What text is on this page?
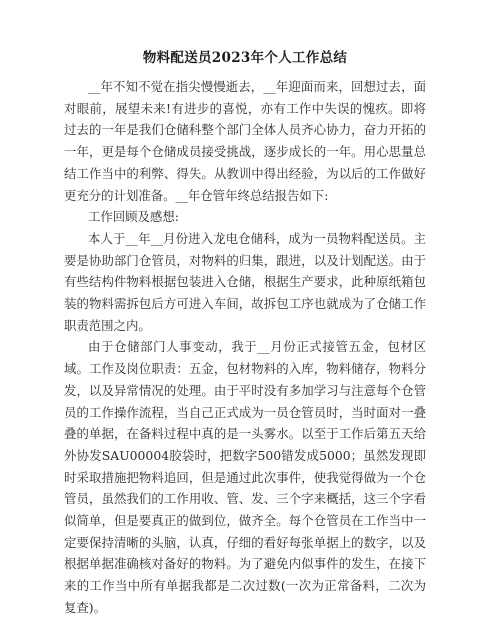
物料配送员2023年个人工作总结

__年不知不觉在指尖慢慢逝去，__年迎面而来，回想过去，面对眼前，展望未来!有进步的喜悦，亦有工作中失误的愧疚。即将过去的一年是我们仓储科整个部门全体人员齐心协力，奋力开拓的一年，更是每个仓储成员接受挑战，逐步成长的一年。用心思量总结工作当中的利弊、得失。从教训中得出经验，为以后的工作做好更充分的计划准备。__年仓管年终总结报告如下:

工作回顾及感想:

本人于__年__月份进入龙电仓储科，成为一员物料配送员。主要是协助部门仓管员，对物料的归集，跟进，以及计划配送。由于有些结构件物料根据包装进入仓储，根据生产要求，此种原纸箱包装的物料需拆包后方可进入车间，故拆包工序也就成为了仓储工作职责范围之内。

由于仓储部门人事变动，我于__月份正式接管五金，包材区域。工作及岗位职责：五金，包材物料的入库，物料储存，物料分发，以及异常情况的处理。由于平时没有多加学习与注意每个仓管员的工作操作流程，当自己正式成为一员仓管员时，当时面对一叠叠的单据，在备料过程中真的是一头雾水。以至于工作后第五天给外协发SAU00004胶袋时，把数字500错发成5000；虽然发现即时采取措施把物料追回，但是通过此次事件，使我觉得做为一个仓管员，虽然我们的工作用收、管、发、三个字来概括，这三个字看似简单，但是要真正的做到位，做齐全。每个仓管员在工作当中一定要保持清晰的头脑，认真，仔细的看好每张单据上的数字，以及根据单据准确核对备好的物料。为了避免内似事件的发生，在接下来的工作当中所有单据我都是二次过数(一次为正常备料，二次为复查)。
